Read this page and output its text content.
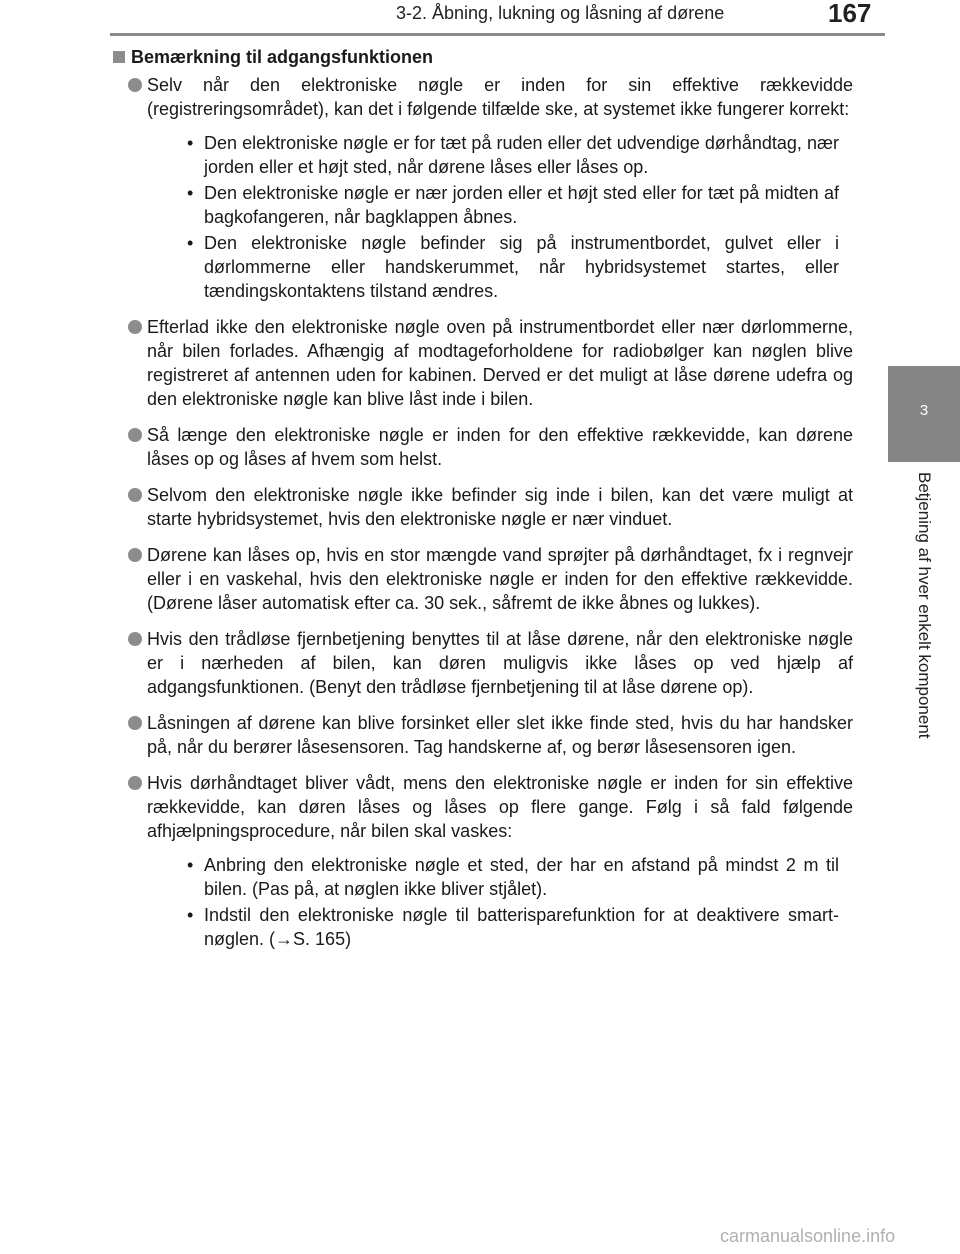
3-2. Åbning, lukning og låsning af dørene	167
3
Betjening af hver enkelt komponent
Bemærkning til adgangsfunktionen
Selv når den elektroniske nøgle er inden for sin effektive rækkevidde (registreringsområdet), kan det i følgende tilfælde ske, at systemet ikke fungerer korrekt:
• Den elektroniske nøgle er for tæt på ruden eller det udvendige dørhåndtag, nær jorden eller et højt sted, når dørene låses eller låses op.
• Den elektroniske nøgle er nær jorden eller et højt sted eller for tæt på midten af bagkofangeren, når bagklappen åbnes.
• Den elektroniske nøgle befinder sig på instrumentbordet, gulvet eller i dørlommerne eller handskerummet, når hybridsystemet startes, eller tændingskontaktens tilstand ændres.
Efterlad ikke den elektroniske nøgle oven på instrumentbordet eller nær dørlommerne, når bilen forlades. Afhængig af modtageforholdene for radiobølger kan nøglen blive registreret af antennen uden for kabinen. Derved er det muligt at låse dørene udefra og den elektroniske nøgle kan blive låst inde i bilen.
Så længe den elektroniske nøgle er inden for den effektive rækkevidde, kan dørene låses op og låses af hvem som helst.
Selvom den elektroniske nøgle ikke befinder sig inde i bilen, kan det være muligt at starte hybridsystemet, hvis den elektroniske nøgle er nær vinduet.
Dørene kan låses op, hvis en stor mængde vand sprøjter på dørhåndtaget, fx i regnvejr eller i en vaskehal, hvis den elektroniske nøgle er inden for den effektive rækkevidde. (Dørene låser automatisk efter ca. 30 sek., såfremt de ikke åbnes og lukkes).
Hvis den trådløse fjernbetjening benyttes til at låse dørene, når den elektroniske nøgle er i nærheden af bilen, kan døren muligvis ikke låses op ved hjælp af adgangsfunktionen. (Benyt den trådløse fjernbetjening til at låse dørene op).
Låsningen af dørene kan blive forsinket eller slet ikke finde sted, hvis du har handsker på, når du berører låsesensoren. Tag handskerne af, og berør låsesensoren igen.
Hvis dørhåndtaget bliver vådt, mens den elektroniske nøgle er inden for sin effektive rækkevidde, kan døren låses og låses op flere gange. Følg i så fald følgende afhjælpningsprocedure, når bilen skal vaskes:
• Anbring den elektroniske nøgle et sted, der har en afstand på mindst 2 m til bilen. (Pas på, at nøglen ikke bliver stjålet).
• Indstil den elektroniske nøgle til batterisparefunktion for at deaktivere smart-nøglen. (→S. 165)
carmanualsonline.info
